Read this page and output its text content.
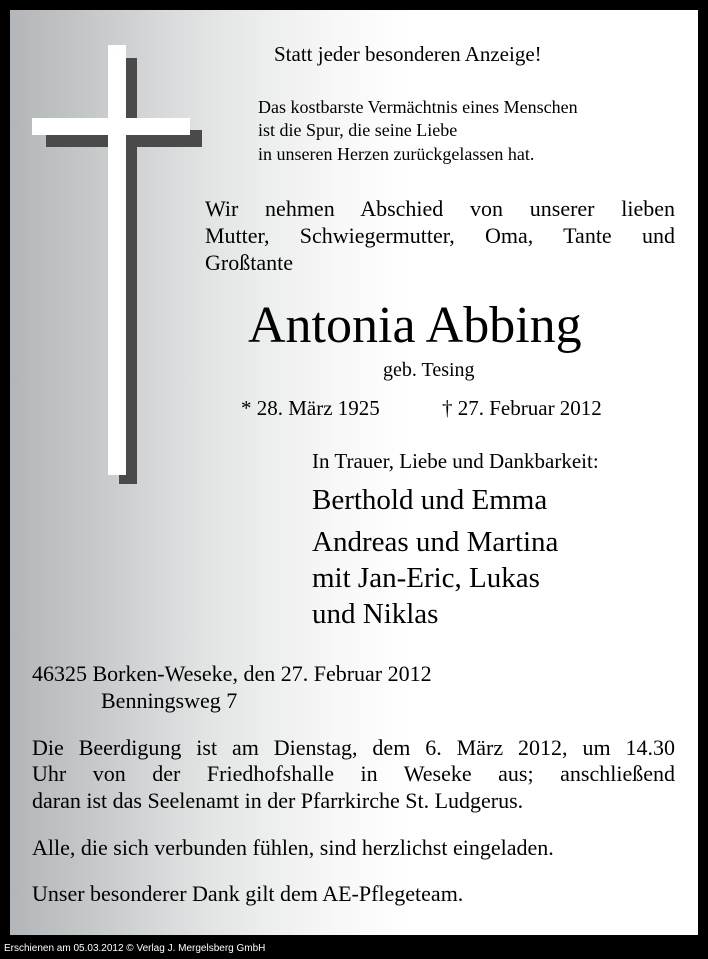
Statt jeder besonderen Anzeige!
Das kostbarste Vermächtnis eines Menschen
ist die Spur, die seine Liebe
in unseren Herzen zurückgelassen hat.
Wir nehmen Abschied von unserer lieben
Mutter, Schwiegermutter, Oma, Tante und
Großtante
Antonia Abbing
geb. Tesing
* 28. März 1925	† 27. Februar 2012
In Trauer, Liebe und Dankbarkeit:
Berthold und Emma
Andreas und Martina
mit Jan-Eric, Lukas
und Niklas
46325 Borken-Weseke, den 27. Februar 2012
Benningsweg 7
Die Beerdigung ist am Dienstag, dem 6. März 2012, um 14.30
Uhr von der Friedhofshalle in Weseke aus; anschließend
daran ist das Seelenamt in der Pfarrkirche St. Ludgerus.
Alle, die sich verbunden fühlen, sind herzlichst eingeladen.
Unser besonderer Dank gilt dem AE-Pflegeteam.
Erschienen am 05.03.2012 © Verlag J. Mergelsberg GmbH
